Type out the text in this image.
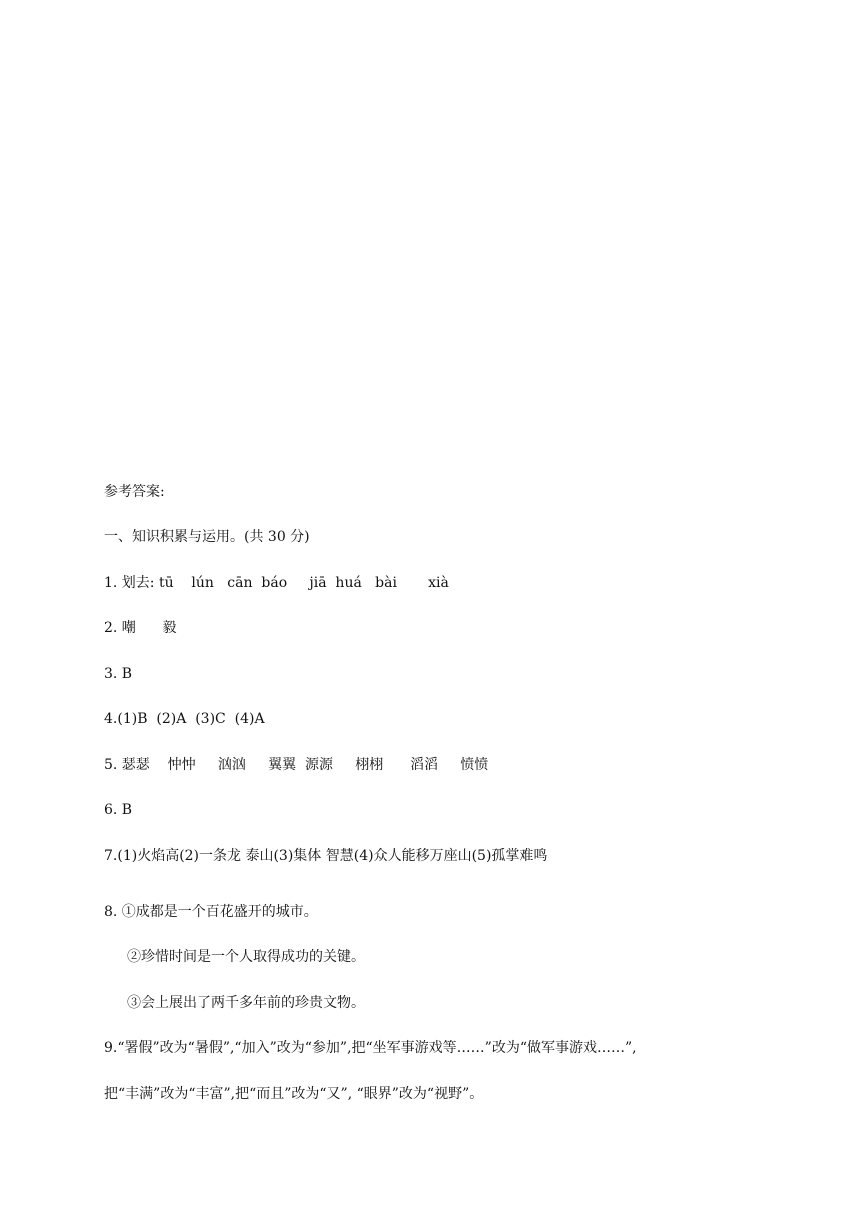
参考答案:
一、知识积累与运用。(共 30 分)
1. 划去: tū    lún   cān  báo     jiā  huá   bài       xià
2. 嘲      毅
3. B
4.(1)B  (2)A  (3)C  (4)A
5. 瑟瑟    忡忡     汹汹     翼翼  源源     栩栩      滔滔     愤愤
6. B
7.(1)火焰高(2)一条龙 泰山(3)集体 智慧(4)众人能移万座山(5)孤掌难鸣
8. ①成都是一个百花盛开的城市。
②珍惜时间是一个人取得成功的关键。
③会上展出了两千多年前的珍贵文物。
9.“署假”改为“暑假”,“加入”改为“参加”,把“坐军事游戏等……”改为“做军事游戏……”,
把“丰满”改为“丰富”,把“而且”改为“又”, “眼界”改为“视野”。
